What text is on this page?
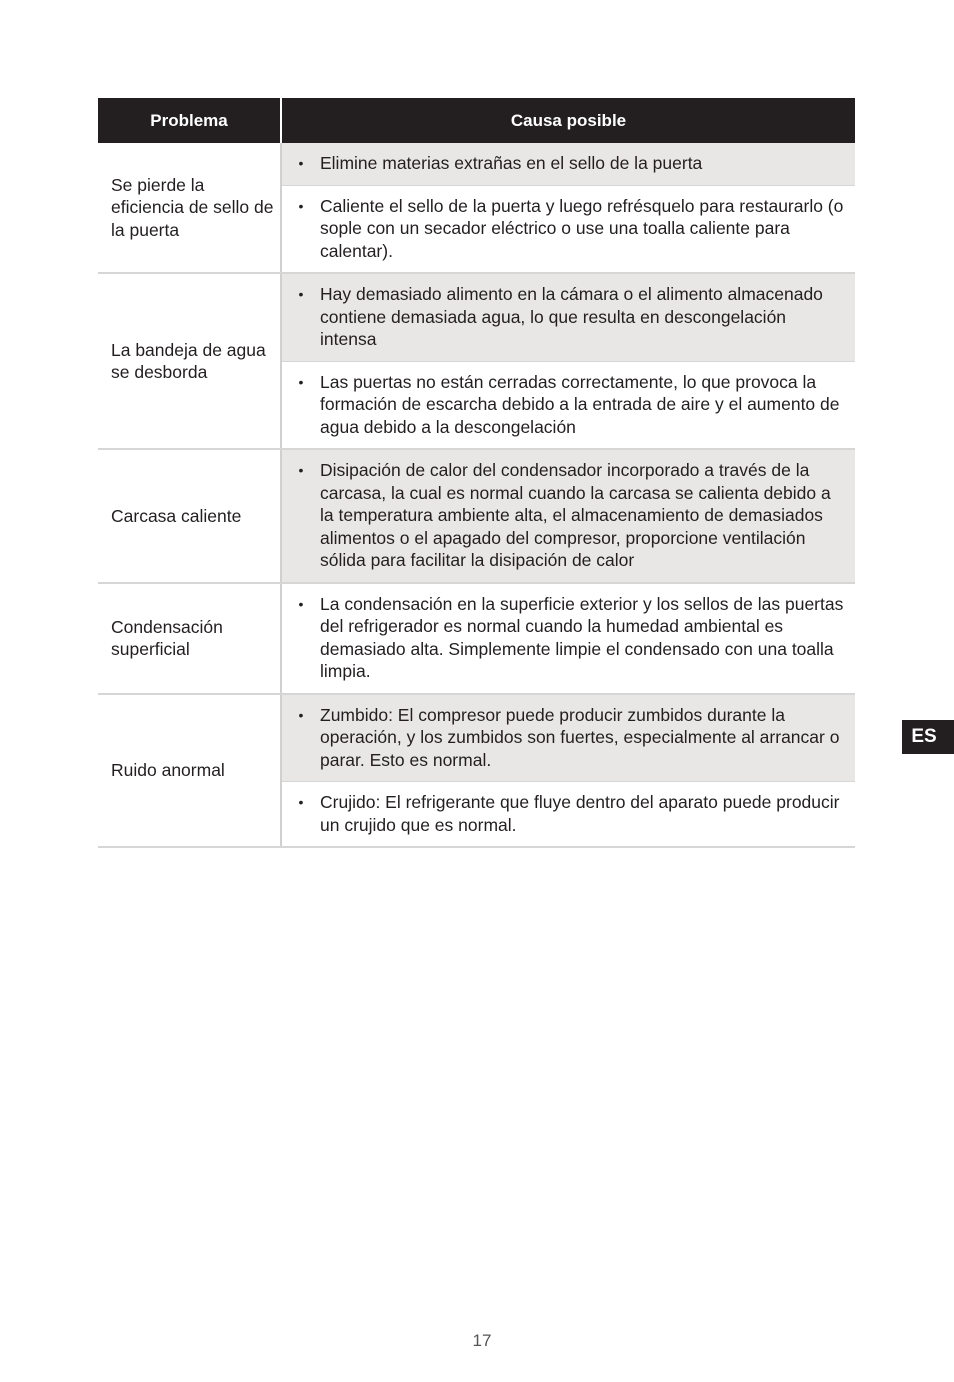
Problema	Causa posible
Se pierde la eficiencia de sello de la puerta	• Elimine materias extrañas en el sello de la puerta

	• Caliente el sello de la puerta y luego refrésquelo para restaurarlo (o sople con un secador eléctrico o use una toalla caliente para calentar).

La bandeja de agua se desborda	• Hay demasiado alimento en la cámara o el alimento almacenado contiene demasiada agua, lo que resulta en descongelación intensa

	• Las puertas no están cerradas correctamente, lo que provoca la formación de escarcha debido a la entrada de aire y el aumento de agua debido a la descongelación

Carcasa caliente	• Disipación de calor del condensador incorporado a través de la carcasa, la cual es normal cuando la carcasa se calienta debido a la temperatura ambiente alta, el almacenamiento de demasiados alimentos o el apagado del compresor, proporcione ventilación sólida para facilitar la disipación de calor

Condensación superficial	• La condensación en la superficie exterior y los sellos de las puertas del refrigerador es normal cuando la humedad ambiental es demasiado alta. Simplemente limpie el condensado con una toalla limpia.

Ruido anormal	• Zumbido: El compresor puede producir zumbidos durante la operación, y los zumbidos son fuertes, especialmente al arrancar o parar. Esto es normal.

	• Crujido: El refrigerante que fluye dentro del aparato puede producir un crujido que es normal.
ES
17
